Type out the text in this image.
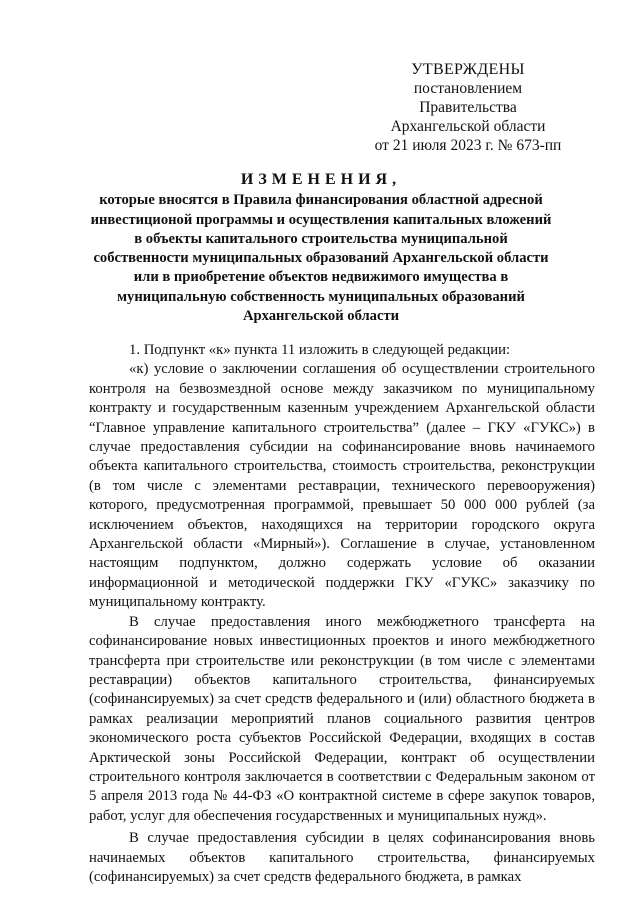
УТВЕРЖДЕНЫ
постановлением Правительства
Архангельской области
от 21 июля 2023 г. № 673-пп
ИЗМЕНЕНИЯ,
которые вносятся в Правила финансирования областной адресной инвестиционой программы и осуществления капитальных вложений в объекты капитального строительства муниципальной собственности муниципальных образований Архангельской области или в приобретение объектов недвижимого имущества в муниципальную собственность муниципальных образований Архангельской области

1. Подпункт «к» пункта 11 изложить в следующей редакции:

«к) условие о заключении соглашения об осуществлении строительного контроля на безвозмездной основе между заказчиком по муниципальному контракту и государственным казенным учреждением Архангельской области “Главное управление капитального строительства” (далее – ГКУ «ГУКС») в случае предоставления субсидии на софинансирование вновь начинаемого объекта капитального строительства, стоимость строительства, реконструкции (в том числе с элементами реставрации, технического перевооружения) которого, предусмотренная программой, превышает 50 000 000 рублей (за исключением объектов, находящихся на территории городского округа Архангельской области «Мирный»). Соглашение в случае, установленном настоящим подпунктом, должно содержать условие об оказании информационной и методической поддержки ГКУ «ГУКС» заказчику по муниципальному контракту.

В случае предоставления иного межбюджетного трансферта на софинансирование новых инвестиционных проектов и иного межбюджетного трансферта при строительстве или реконструкции (в том числе с элементами реставрации) объектов капитального строительства, финансируемых (софинансируемых) за счет средств федерального и (или) областного бюджета в рамках реализации мероприятий планов социального развития центров экономического роста субъектов Российской Федерации, входящих в состав Арктической зоны Российской Федерации, контракт об осуществлении строительного контроля заключается в соответствии с Федеральным законом от 5 апреля 2013 года № 44-ФЗ «О контрактной системе в сфере закупок товаров, работ, услуг для обеспечения государственных и муниципальных нужд».

В случае предоставления субсидии в целях софинансирования вновь начинаемых объектов капитального строительства, финансируемых (софинансируемых) за счет средств федерального бюджета, в рамках
